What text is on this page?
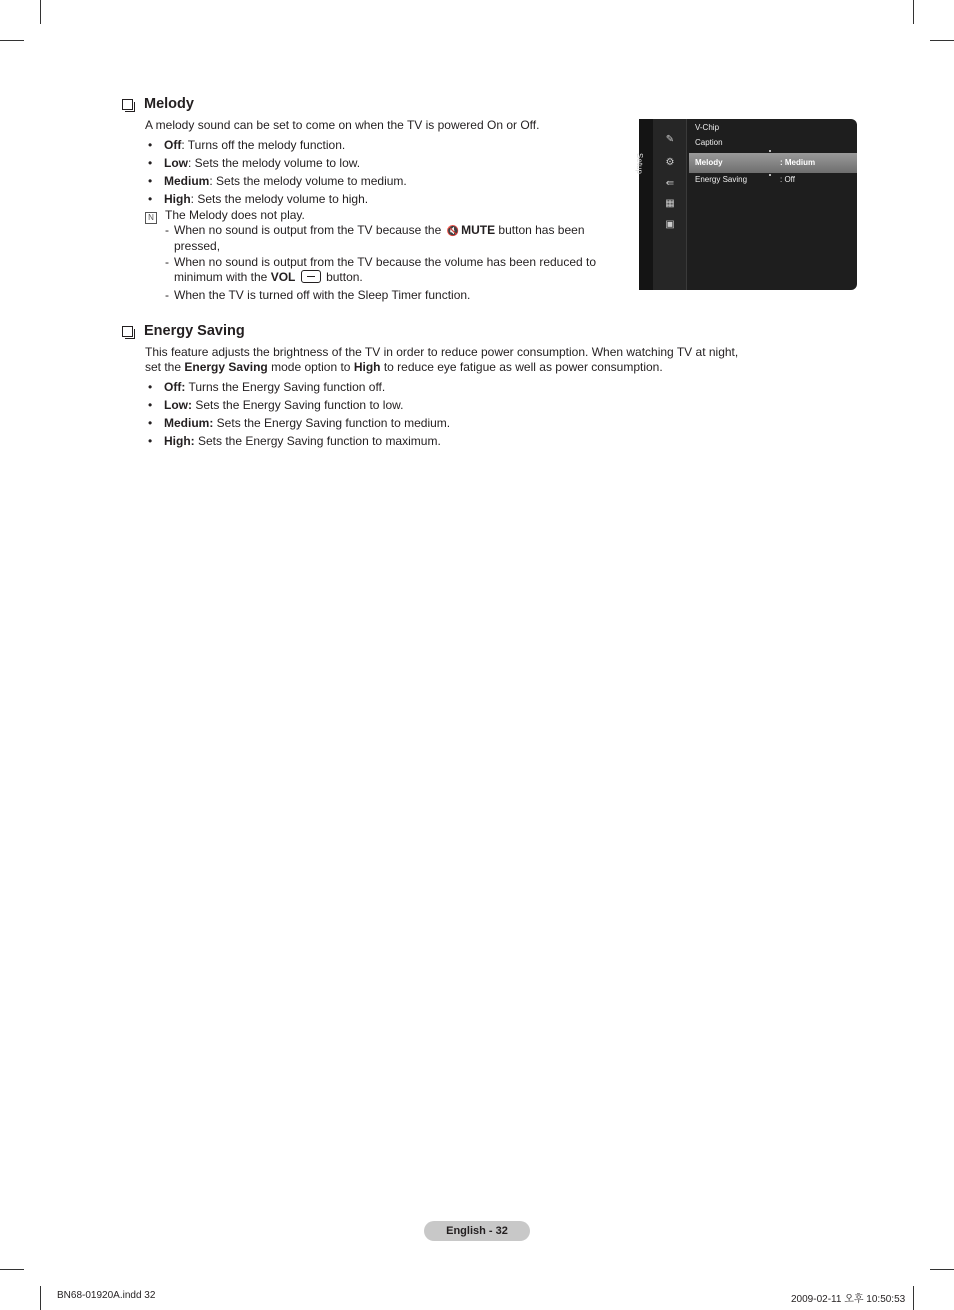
Melody
A melody sound can be set to come on when the TV is powered On or Off.
• Off: Turns off the melody function.
• Low: Sets the melody volume to low.
• Medium: Sets the melody volume to medium.
• High: Sets the melody volume to high.
N The Melody does not play.
- When no sound is output from the TV because the 🔇 MUTE button has been pressed,
- When no sound is output from the TV because the volume has been reduced to minimum with the VOL	button.
- When the TV is turned off with the Sleep Timer function.
Setup
✎
⚙
⇚
▦
▣
V-Chip
Caption
Melody	: Medium
Energy Saving	: Off
Energy Saving
This feature adjusts the brightness of the TV in order to reduce power consumption. When watching TV at night,
set the Energy Saving mode option to High to reduce eye fatigue as well as power consumption.
• Off: Turns the Energy Saving function off.
• Low: Sets the Energy Saving function to low.
• Medium: Sets the Energy Saving function to medium.
• High: Sets the Energy Saving function to maximum.
English - 32
BN68-01920A.indd 32	2009-02-11 오후 10:50:53
